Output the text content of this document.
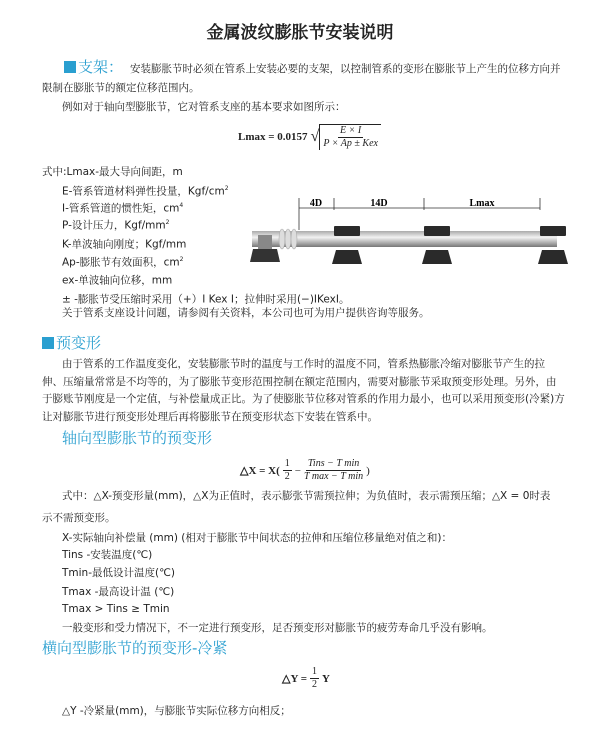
金属波纹膨胀节安装说明
支架： 安装膨胀节时必须在管系上安装必要的支架，以控制管系的变形在膨胀节上产生的位移方向并
限制在膨胀节的额定位移范围内。
例如对于轴向型膨胀节，它对管系支座的基本要求如图所示：
Lmax = 0.0157 √ $\frac{E \times I}{\text{P × Ap ± Kex}}$
式中:Lmax-最大导向间距，m
E-管系管道材料弹性投量，Kgf/$cm^2$
I-管系管道的惯性矩，$cm^4$
P-设计压力，Kgf/$mm^2$
K-单波轴向刚度；Kgf/mm
Ap-膨胀节有效面积，$cm^2$
ex-单波轴向位移，mm
± -膨胀节受压缩时采用（+）I Kex I；拉伸时采用(−)IKexI。
关于管系支座设计问题，请参阅有关资料，本公司也可为用户提供咨询等服务。
4D	14D	Lmax
预变形
由于管系的工作温度变化，安装膨胀节时的温度与工作时的温度不同，管系热膨胀冷缩对膨胀节产生的拉
伸、压缩量常常是不均等的，为了膨胀节变形范围控制在额定范围内，需要对膨胀节采取预变形处理。另外，由
于膨账节刚度是一个定值，与补偿量成正比。为了使膨胀节位移对管系的作用力最小，也可以采用预变形(冷紧)方
让对膨胀节进行预变形处理后再将膨胀节在预变形状态下安装在管系中。
轴向型膨胀节的预变形
△X = $X( \frac{1}{2} - \frac{\text{Tins − T min}}{\text{T max − T min}}$ )
式中：△X-预变形量(mm)，△X为正值时，表示膨张节需预拉伸；为负值时，表示需预压缩；△X = 0时表
示不需预变形。
X-实际轴向补偿量 (mm) (相对于膨胀节中间状态的拉伸和压缩位移量绝对值之和)：
Tins -安装温度(℃)
Tmin-最低设计温度(℃)
Tmax -最高设计温 (℃)
Tmax > Tins ≥ Tmin
一般变形和受力情况下，不一定进行预变形，足否预变形对膨胀节的疲劳寿命几乎没有影响。
横向型膨胀节的预变形-冷紧
△Y = $\frac{1}{2}$ Y
△Y -冷紧量(mm)，与膨胀节实际位移方向相反；
